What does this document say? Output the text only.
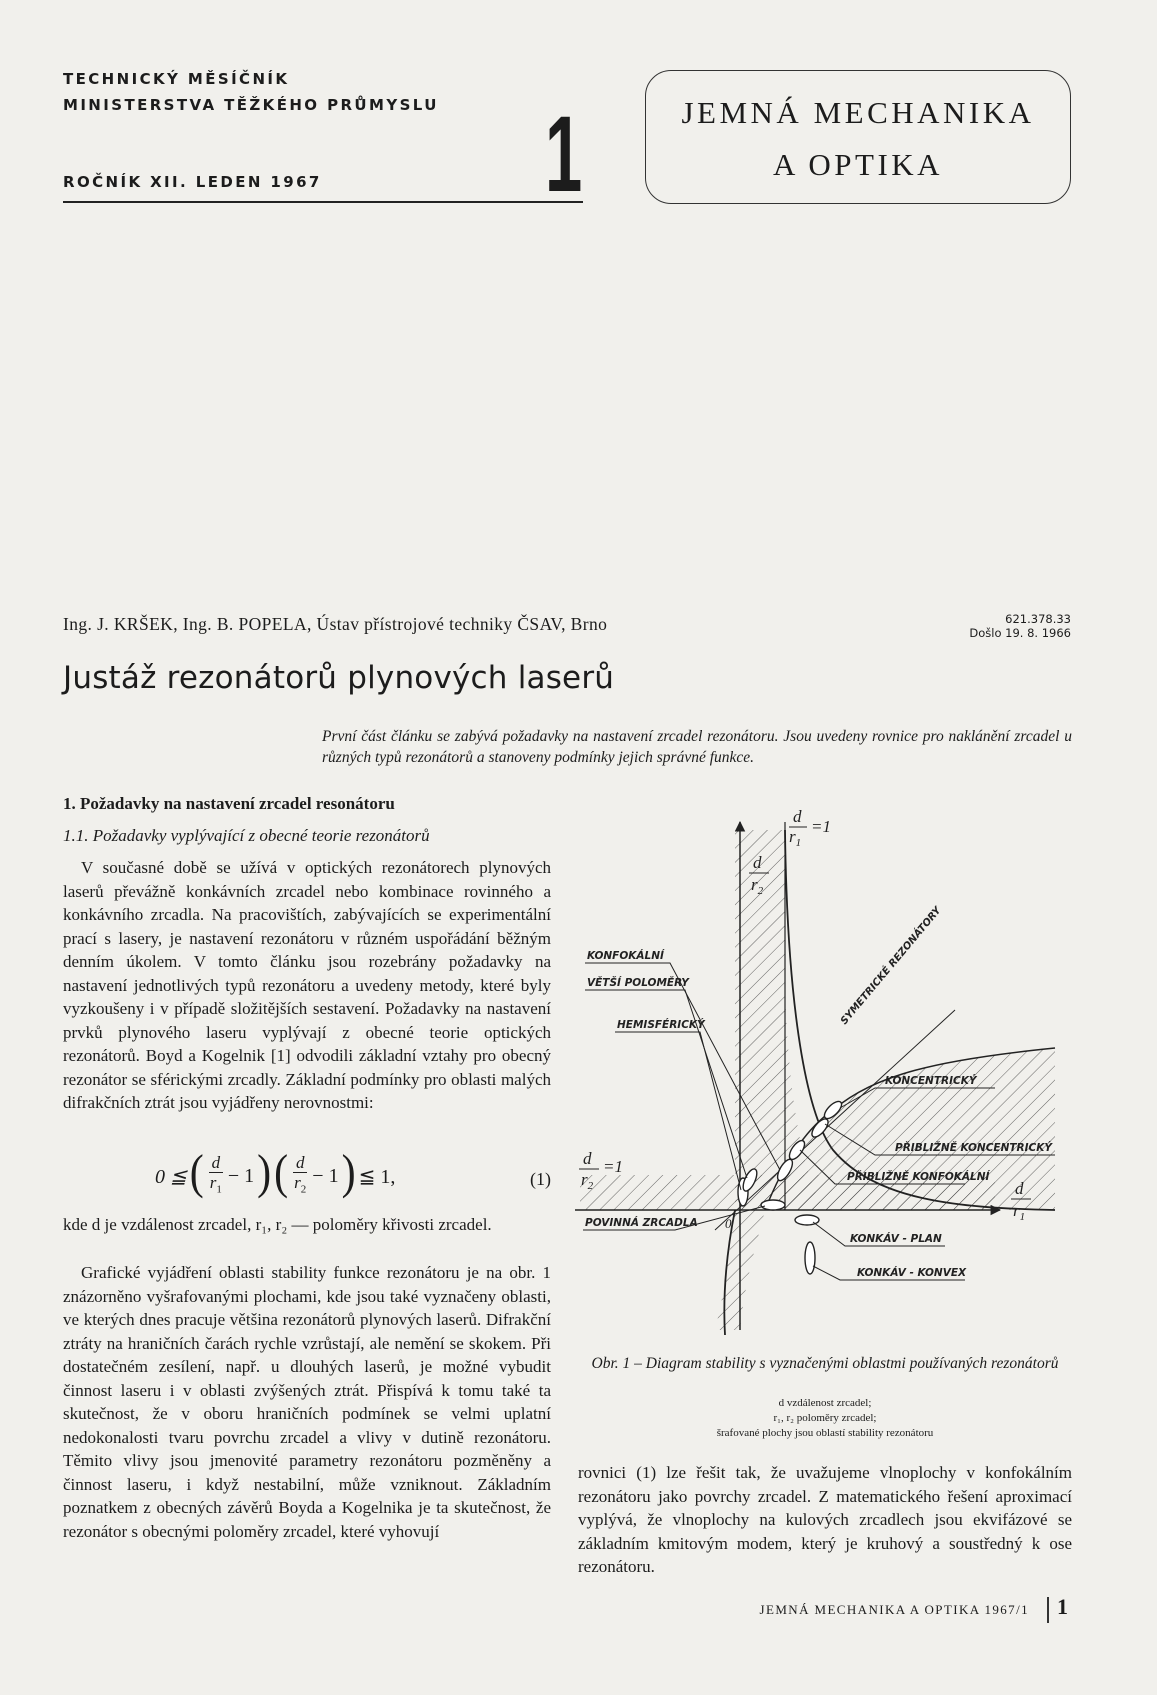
TECHNICKÝ MĚSÍČNÍK
MINISTERSTVA TĚŽKÉHO PRŮMYSLU
ROČNÍK XII. LEDEN 1967 1	JEMNÁ MECHANIKA
A OPTIKA
Ing. J. KRŠEK, Ing. B. POPELA, Ústav přístrojové techniky ČSAV, Brno	621.378.33
Došlo 19. 8. 1966
Justáž rezonátorů plynových laserů
První část článku se zabývá požadavky na nastavení zrcadel rezonátoru. Jsou uvedeny rovnice pro naklánění zrcadel u různých typů rezonátorů a stanoveny podmínky jejich správné funkce.
1. Požadavky na nastavení zrcadel resonátoru
1.1. Požadavky vyplývající z obecné teorie rezonátorů

V současné době se užívá v optických rezonátorech plynových laserů převážně konkávních zrcadel nebo kombinace rovinného a konkávního zrcadla. Na pracovištích, zabývajících se experimentální prací s lasery, je nastavení rezonátoru v různém uspořádání běžným denním úkolem. V tomto článku jsou rozebrány požadavky na nastavení jednotlivých typů rezonátoru a uvedeny metody, které byly vyzkoušeny i v případě složitějších sestavení. Požadavky na nastavení prvků plynového laseru vyplývají z obecné teorie optických rezonátorů. Boyd a Kogelnik [1] odvodili základní vztahy pro obecný rezonátor se sférickými zrcadly. Základní podmínky pro oblasti malých difrakčních ztrát jsou vyjádřeny nerovnostmi:

0 ≦ ( $\frac{d}{r_1} - 1$ ) ( $\frac{d}{r_2} - 1$ ) ≦ 1,	(1)

kde d je vzdálenost zrcadel, r₁, r₂ — poloměry křivosti zrcadel.

Grafické vyjádření oblasti stability funkce rezonátoru je na obr. 1 znázorněno vyšrafovanými plochami, kde jsou také vyznačeny oblasti, ve kterých dnes pracuje většina rezonátorů plynových laserů. Difrakční ztráty na hraničních čarách rychle vzrůstají, ale nemění se skokem. Při dostatečném zesílení, např. u dlouhých laserů, je možné vybudit činnost laseru i v oblasti zvýšených ztrát. Přispívá k tomu také ta skutečnost, že v oboru hraničních podmínek se velmi uplatní nedokonalosti tvaru povrchu zrcadel a vlivy v dutině rezonátoru. Těmito vlivy jsou jmenovité parametry rezonátoru pozměněny a činnost laseru, i když nestabilní, může vzniknout. Základním poznatkem z obecných závěrů Boyda a Kogelnika je ta skutečnost, že rezonátor s obecnými poloměry zrcadel, které vyhovují

KONFOKÁLNÍ
VĚTŠÍ POLOMĚRY
HEMISFÉRICKÝ
POVINNÁ ZRCADLA
KONCENTRICKÝ
PŘIBLIŽNĚ KONCENTRICKÝ
PŘIBLIŽNĚ KONFOKÁLNÍ
KONKÁV - PLAN
KONKÁV - KONVEX
SYMETRICKÉ REZONÁTORY
0
d
$r_2$
d
$r_1$
=1
d
$r_2$
=1
d
$r_1$
Obr. 1 – Diagram stability s vyznačenými oblastmi používaných rezonátorů
d vzdálenost zrcadel;
r₁, r₂ poloměry zrcadel;
šrafované plochy jsou oblastí stability rezonátoru

rovnici (1) lze řešit tak, že uvažujeme vlnoplochy v konfokálním rezonátoru jako povrchy zrcadel. Z matematického řešení aproximací vyplývá, že vlnoplochy na kulových zrcadlech jsou ekvifázové se základním kmitovým modem, který je kruhový a soustředný k ose rezonátoru.

JEMNÁ MECHANIKA A OPTIKA 1967/1 1
